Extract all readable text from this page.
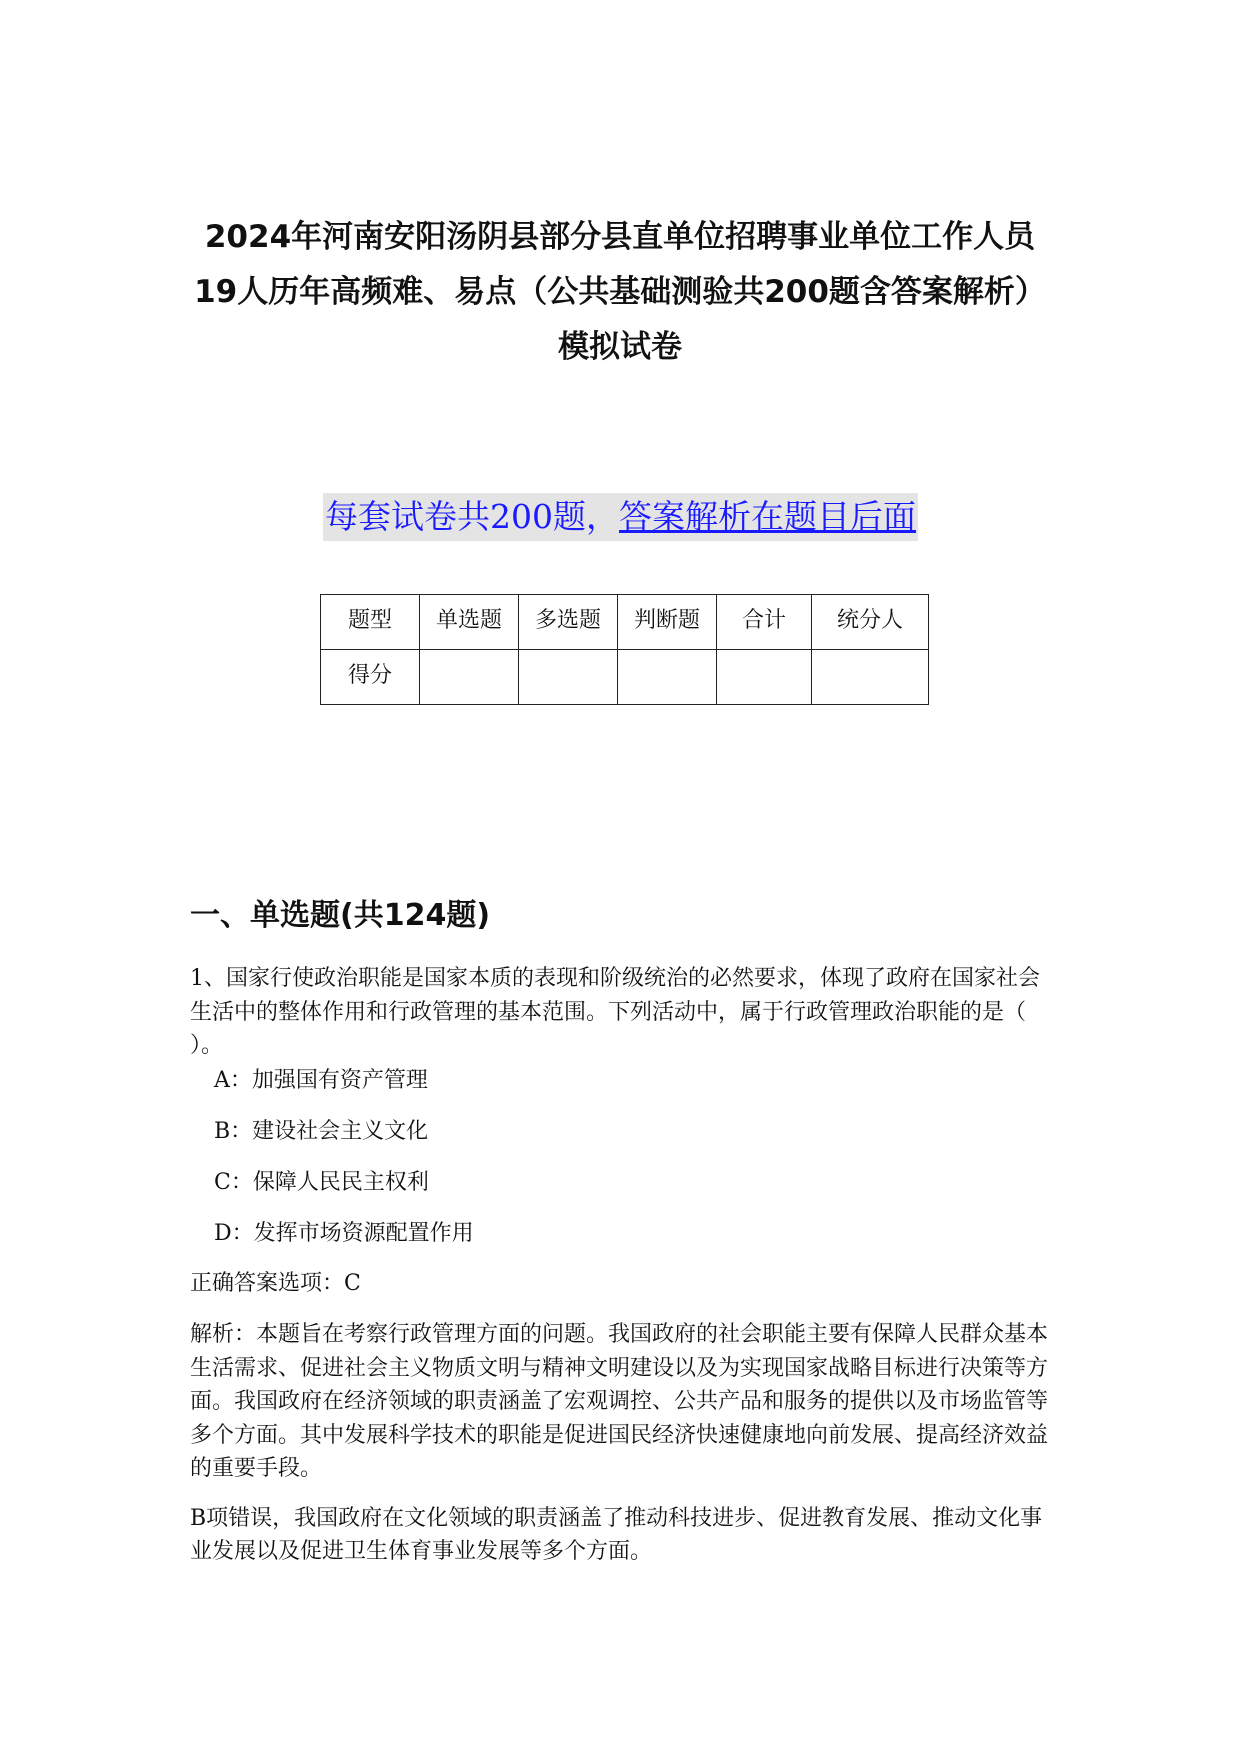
2024年河南安阳汤阴县部分县直单位招聘事业单位工作人员19人历年高频难、易点（公共基础测验共200题含答案解析）模拟试卷
每套试卷共200题，答案解析在题目后面
题型	单选题	多选题	判断题	合计	统分人
得分					
一、单选题(共124题)

1、国家行使政治职能是国家本质的表现和阶级统治的必然要求，体现了政府在国家社会生活中的整体作用和行政管理的基本范围。下列活动中，属于行政管理政治职能的是（ ）。

A：加强国有资产管理

B：建设社会主义文化

C：保障人民民主权利

D：发挥市场资源配置作用

正确答案选项：C

解析：本题旨在考察行政管理方面的问题。我国政府的社会职能主要有保障人民群众基本生活需求、促进社会主义物质文明与精神文明建设以及为实现国家战略目标进行决策等方面。我国政府在经济领域的职责涵盖了宏观调控、公共产品和服务的提供以及市场监管等多个方面。其中发展科学技术的职能是促进国民经济快速健康地向前发展、提高经济效益的重要手段。

B项错误，我国政府在文化领域的职责涵盖了推动科技进步、促进教育发展、推动文化事业发展以及促进卫生体育事业发展等多个方面。
